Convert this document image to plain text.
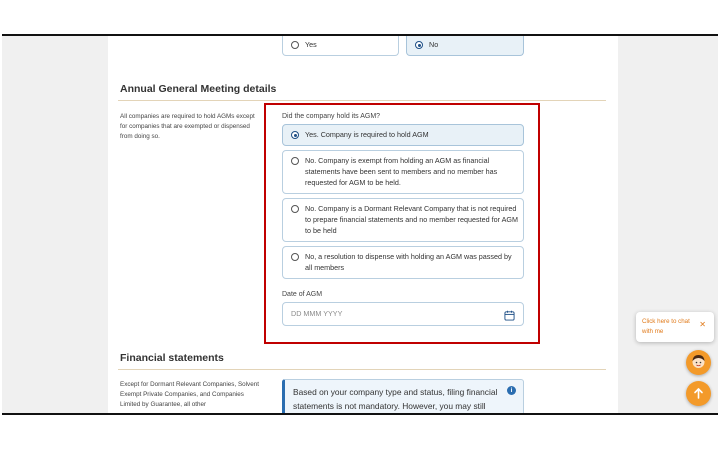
Yes	No
Annual General Meeting details
All companies are required to hold AGMs except for companies that are exempted or dispensed from doing so.
Did the company hold its AGM?
Yes. Company is required to hold AGM
No. Company is exempt from holding an AGM as financial statements have been sent to members and no member has requested for AGM to be held.
No. Company is a Dormant Relevant Company that is not required to prepare financial statements and no member requested for AGM to be held
No, a resolution to dispense with holding an AGM was passed by all members
Date of AGM
DD MMM YYYY
Financial statements
Except for Dormant Relevant Companies, Solvent Exempt Private Companies, and Companies Limited by Guarantee, all other
Based on your company type and status, filing financial statements is not mandatory. However, you may still
i
Click here to chat with me
✕
